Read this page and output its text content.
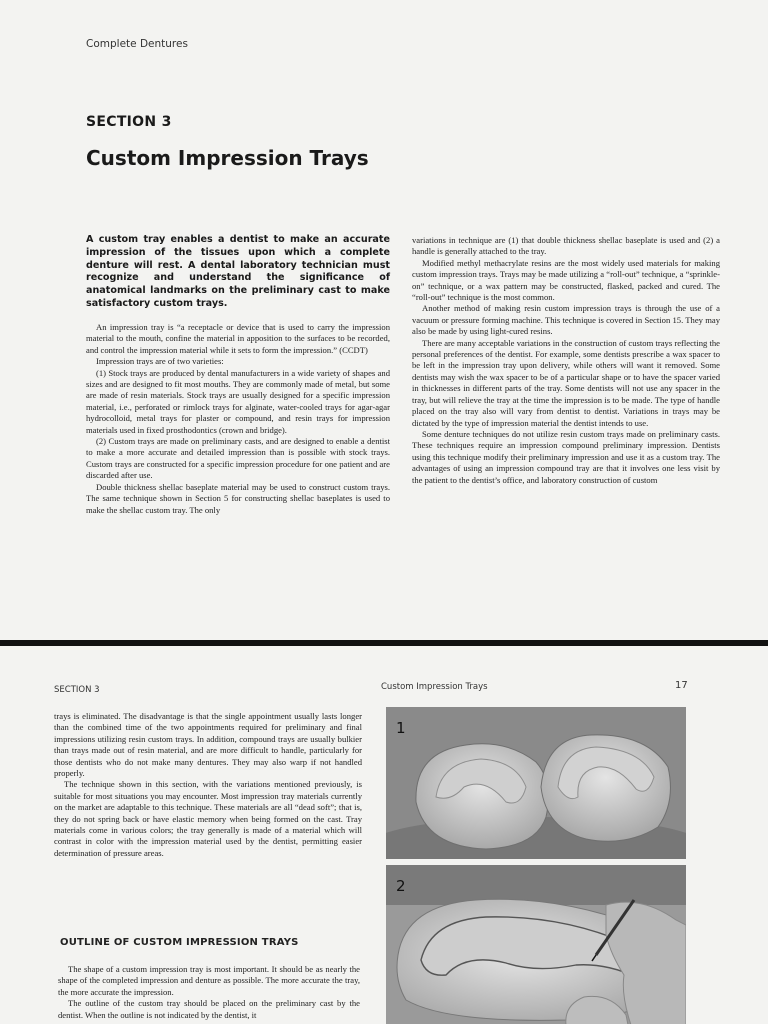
Complete Dentures
SECTION 3
Custom Impression Trays
A custom tray enables a dentist to make an accurate impression of the tissues upon which a complete denture will rest. A dental laboratory technician must recognize and understand the significance of anatomical landmarks on the preliminary cast to make satisfactory custom trays.

An impression tray is “a receptacle or device that is used to carry the impression material to the mouth, confine the material in apposition to the surfaces to be recorded, and control the impression material while it sets to form the impression.” (CCDT)

Impression trays are of two varieties:

(1) Stock trays are produced by dental manufacturers in a wide variety of shapes and sizes and are designed to fit most mouths. They are commonly made of metal, but some are made of resin materials. Stock trays are usually designed for a specific impression material, i.e., perforated or rimlock trays for alginate, water-cooled trays for agar-agar hydrocolloid, metal trays for plaster or compound, and resin trays for impression materials used in fixed prosthodontics (crown and bridge).

(2) Custom trays are made on preliminary casts, and are designed to enable a dentist to make a more accurate and detailed impression than is possible with stock trays. Custom trays are constructed for a specific impression procedure for one patient and are discarded after use.

Double thickness shellac baseplate material may be used to construct custom trays. The same technique shown in Section 5 for constructing shellac baseplates is used to make the shellac custom tray. The only

variations in technique are (1) that double thickness shellac baseplate is used and (2) a handle is generally attached to the tray.

Modified methyl methacrylate resins are the most widely used materials for making custom impression trays. Trays may be made utilizing a “roll-out” technique, a “sprinkle-on” technique, or a wax pattern may be constructed, flasked, packed and cured. The “roll-out” technique is the most common.

Another method of making resin custom impression trays is through the use of a vacuum or pressure forming machine. This technique is covered in Section 15. They may also be made by using light-cured resins.

There are many acceptable variations in the construction of custom trays reflecting the personal preferences of the dentist. For example, some dentists prescribe a wax spacer to be left in the impression tray upon delivery, while others will want it removed. Some dentists may wish the wax spacer to be of a particular shape or to have the spacer varied in thicknesses in different parts of the tray. Some dentists will not use any spacer in the tray, but will relieve the tray at the time the impression is to be made. The type of handle placed on the tray also will vary from dentist to dentist. Variations in trays may be dictated by the type of impression material the dentist intends to use.

Some denture techniques do not utilize resin custom trays made on preliminary casts. These techniques require an impression compound preliminary impression. Dentists using this technique modify their preliminary impression and use it as a custom tray. The advantages of using an impression compound tray are that it involves one less visit by the patient to the dentist’s office, and laboratory construction of custom

SECTION 3	Custom Impression Trays	17

trays is eliminated. The disadvantage is that the single appointment usually lasts longer than the combined time of the two appointments required for preliminary and final impressions utilizing resin custom trays. In addition, compound trays are usually bulkier than trays made out of resin material, and are more difficult to handle, particularly for those dentists who do not make many dentures. They may also warp if not handled properly.

The technique shown in this section, with the variations mentioned previously, is suitable for most situations you may encounter. Most impression tray materials currently on the market are adaptable to this technique. These materials are all “dead soft”; that is, they do not spring back or have elastic memory when being formed on the cast. Tray materials come in various colors; the tray generally is made of a material which will contrast in color with the impression material used by the dentist, permitting easier determination of pressure areas.

OUTLINE OF CUSTOM IMPRESSION TRAYS

The shape of a custom impression tray is most important. It should be as nearly the shape of the completed impression and denture as possible. The more accurate the tray, the more accurate the impression.

The outline of the custom tray should be placed on the preliminary cast by the dentist. When the outline is not indicated by the dentist, it

1
2
